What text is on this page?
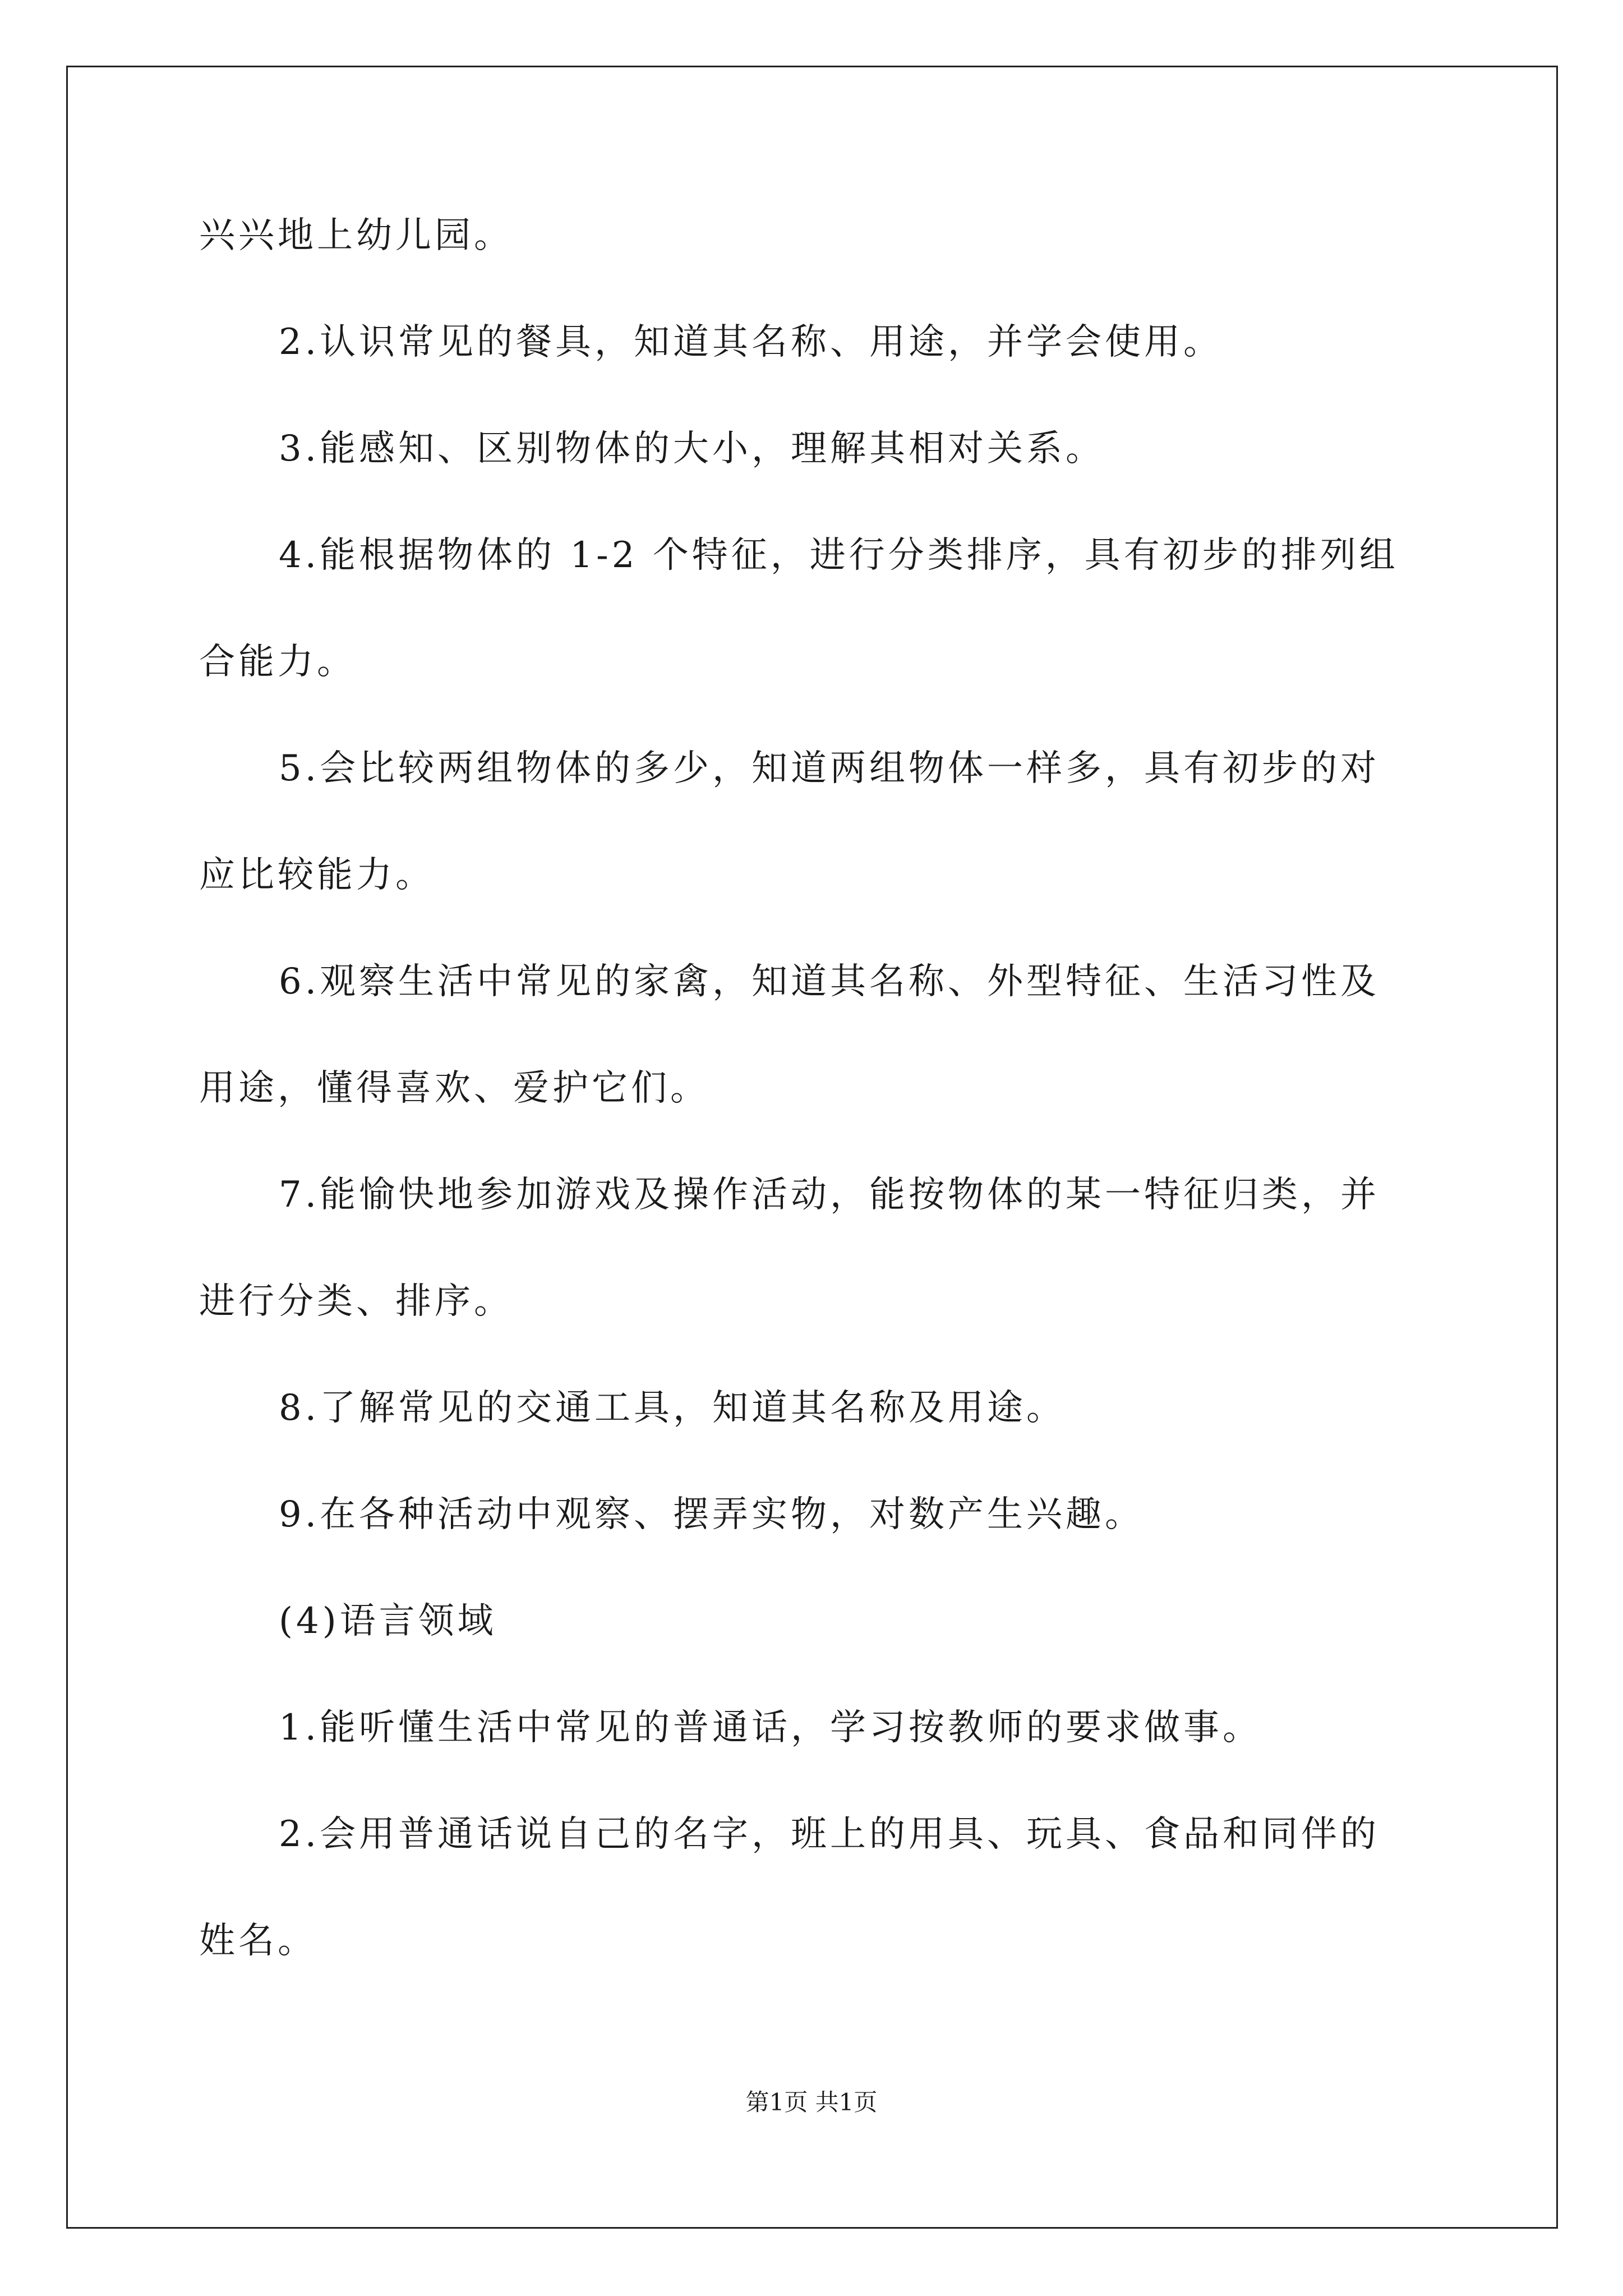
兴兴地上幼儿园。
2.认识常见的餐具，知道其名称、用途，并学会使用。
3.能感知、区别物体的大小，理解其相对关系。
4.能根据物体的 1-2 个特征，进行分类排序，具有初步的排列组
合能力。
5.会比较两组物体的多少，知道两组物体一样多，具有初步的对
应比较能力。
6.观察生活中常见的家禽，知道其名称、外型特征、生活习性及
用途，懂得喜欢、爱护它们。
7.能愉快地参加游戏及操作活动，能按物体的某一特征归类，并
进行分类、排序。
8.了解常见的交通工具，知道其名称及用途。
9.在各种活动中观察、摆弄实物，对数产生兴趣。
(4)语言领域
1.能听懂生活中常见的普通话，学习按教师的要求做事。
2.会用普通话说自己的名字，班上的用具、玩具、食品和同伴的
姓名。
第1页 共1页
